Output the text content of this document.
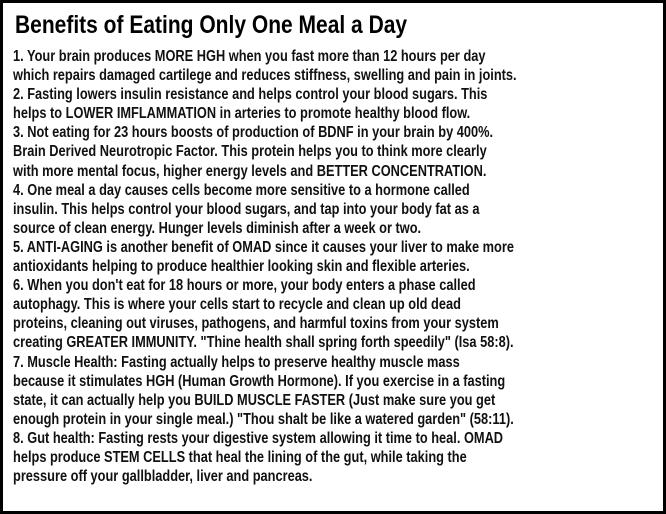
Benefits of Eating Only One Meal a Day
1. Your brain produces MORE HGH when you fast more than 12 hours per day
which repairs damaged cartilege and reduces stiffness, swelling and pain in joints.
2. Fasting lowers insulin resistance and helps control your blood sugars. This
helps to LOWER IMFLAMMATION in arteries to promote healthy blood flow.
3. Not eating for 23 hours boosts of production of BDNF in your brain by 400%.
Brain Derived Neurotropic Factor. This protein helps you to think more clearly
with more mental focus, higher energy levels and BETTER CONCENTRATION.
4. One meal a day causes cells become more sensitive to a hormone called
insulin. This helps control your blood sugars, and tap into your body fat as a
source of clean energy. Hunger levels diminish after a week or two.
5. ANTI-AGING is another benefit of OMAD since it causes your liver to make more
antioxidants helping to produce healthier looking skin and flexible arteries.
6. When you don't eat for 18 hours or more, your body enters a phase called
autophagy. This is where your cells start to recycle and clean up old dead
proteins, cleaning out viruses, pathogens, and harmful toxins from your system
creating GREATER IMMUNITY. "Thine health shall spring forth speedily" (Isa 58:8).
7. Muscle Health: Fasting actually helps to preserve healthy muscle mass
because it stimulates HGH (Human Growth Hormone). If you exercise in a fasting
state, it can actually help you BUILD MUSCLE FASTER (Just make sure you get
enough protein in your single meal.) "Thou shalt be like a watered garden" (58:11).
8. Gut health: Fasting rests your digestive system allowing it time to heal. OMAD
helps produce STEM CELLS that heal the lining of the gut, while taking the
pressure off your gallbladder, liver and pancreas.
